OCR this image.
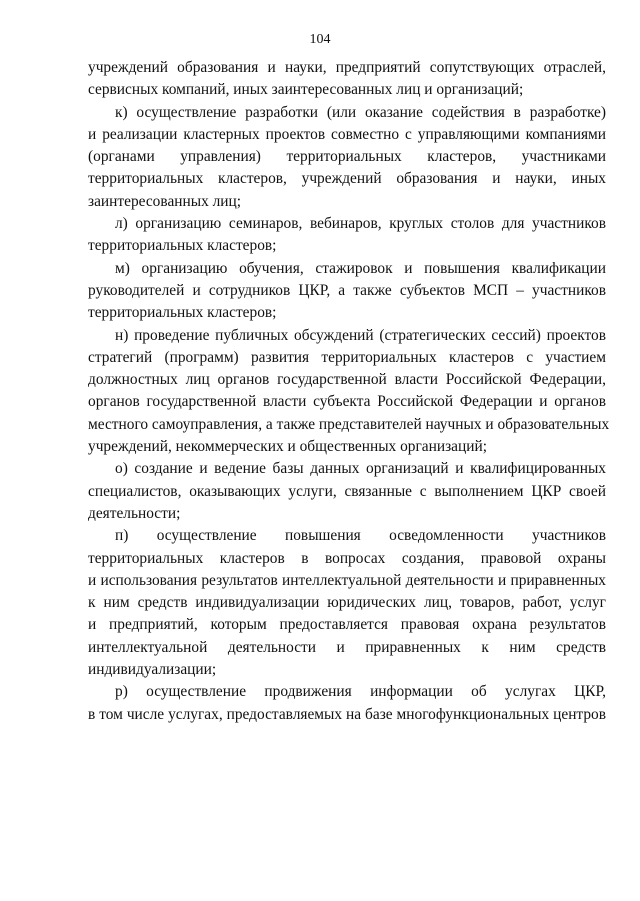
104
учреждений образования и науки, предприятий сопутствующих отраслей,
сервисных компаний, иных заинтересованных лиц и организаций;
к) осуществление разработки (или оказание содействия в разработке)
и реализации кластерных проектов совместно с управляющими компаниями
(органами управления) территориальных кластеров, участниками
территориальных кластеров, учреждений образования и науки, иных
заинтересованных лиц;
л) организацию семинаров, вебинаров, круглых столов для участников
территориальных кластеров;
м) организацию обучения, стажировок и повышения квалификации
руководителей и сотрудников ЦКР, а также субъектов МСП – участников
территориальных кластеров;
н) проведение публичных обсуждений (стратегических сессий) проектов
стратегий (программ) развития территориальных кластеров с участием
должностных лиц органов государственной власти Российской Федерации,
органов государственной власти субъекта Российской Федерации и органов
местного самоуправления, а также представителей научных и образовательных
учреждений, некоммерческих и общественных организаций;
о) создание и ведение базы данных организаций и квалифицированных
специалистов, оказывающих услуги, связанные с выполнением ЦКР своей
деятельности;
п) осуществление повышения осведомленности участников
территориальных кластеров в вопросах создания, правовой охраны
и использования результатов интеллектуальной деятельности и приравненных
к ним средств индивидуализации юридических лиц, товаров, работ, услуг
и предприятий, которым предоставляется правовая охрана результатов
интеллектуальной деятельности и приравненных к ним средств
индивидуализации;
р) осуществление продвижения информации об услугах ЦКР,
в том числе услугах, предоставляемых на базе многофункциональных центров
